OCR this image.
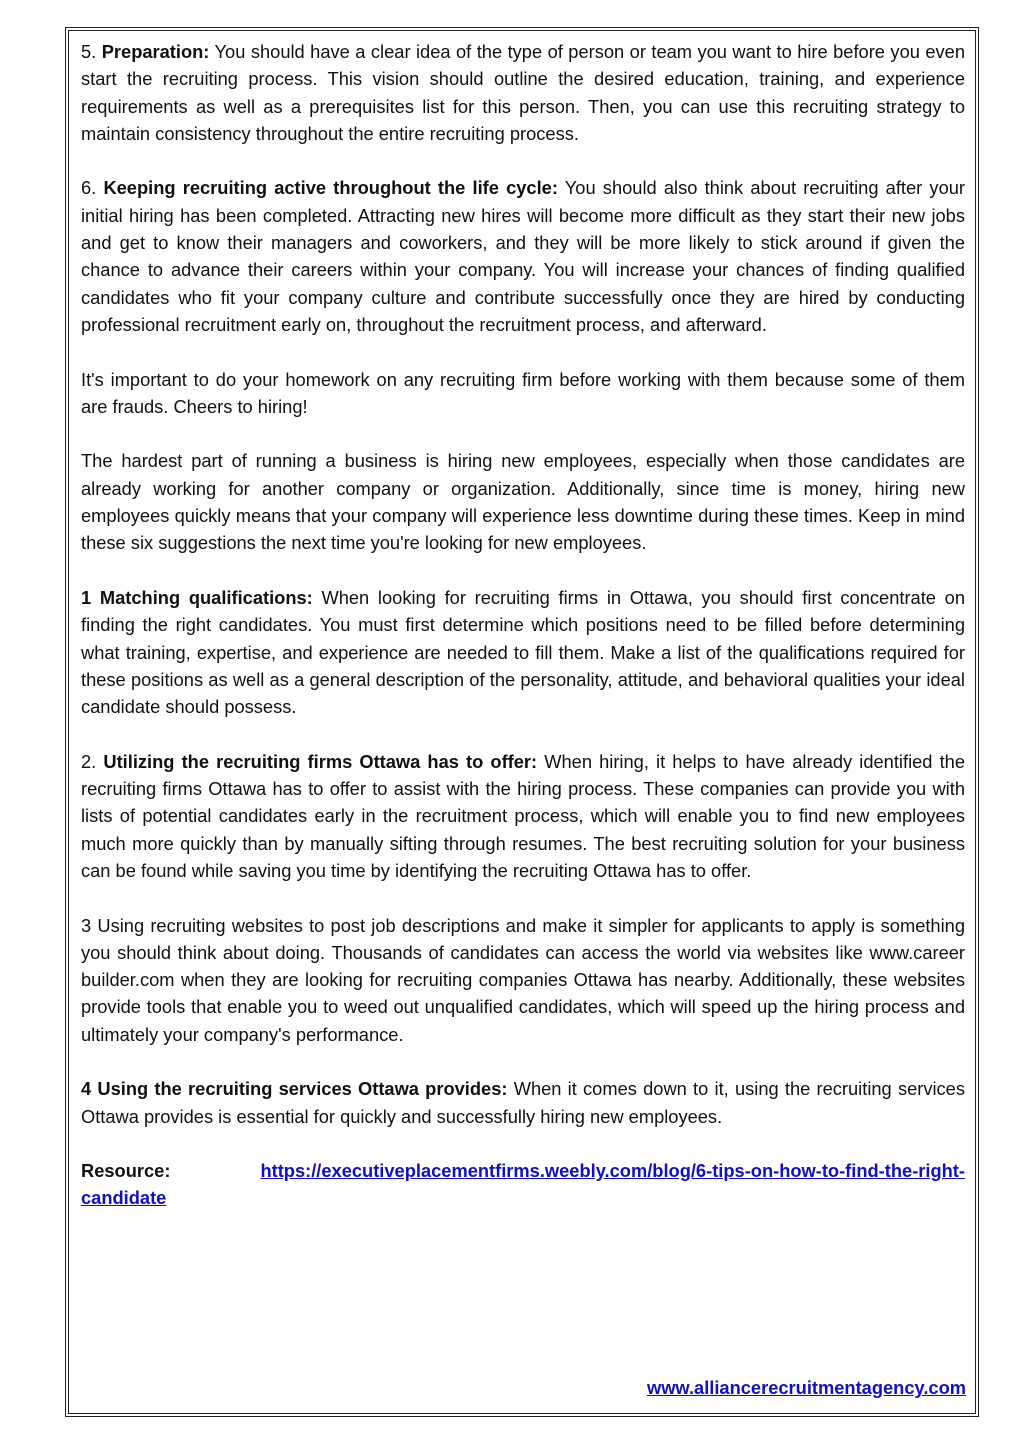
5. Preparation: You should have a clear idea of the type of person or team you want to hire before you even start the recruiting process. This vision should outline the desired education, training, and experience requirements as well as a prerequisites list for this person. Then, you can use this recruiting strategy to maintain consistency throughout the entire recruiting process.

6. Keeping recruiting active throughout the life cycle: You should also think about recruiting after your initial hiring has been completed. Attracting new hires will become more difficult as they start their new jobs and get to know their managers and coworkers, and they will be more likely to stick around if given the chance to advance their careers within your company. You will increase your chances of finding qualified candidates who fit your company culture and contribute successfully once they are hired by conducting professional recruitment early on, throughout the recruitment process, and afterward.

It's important to do your homework on any recruiting firm before working with them because some of them are frauds. Cheers to hiring!

The hardest part of running a business is hiring new employees, especially when those candidates are already working for another company or organization. Additionally, since time is money, hiring new employees quickly means that your company will experience less downtime during these times. Keep in mind these six suggestions the next time you're looking for new employees.

1 Matching qualifications: When looking for recruiting firms in Ottawa, you should first concentrate on finding the right candidates. You must first determine which positions need to be filled before determining what training, expertise, and experience are needed to fill them. Make a list of the qualifications required for these positions as well as a general description of the personality, attitude, and behavioral qualities your ideal candidate should possess.

2. Utilizing the recruiting firms Ottawa has to offer: When hiring, it helps to have already identified the recruiting firms Ottawa has to offer to assist with the hiring process. These companies can provide you with lists of potential candidates early in the recruitment process, which will enable you to find new employees much more quickly than by manually sifting through resumes. The best recruiting solution for your business can be found while saving you time by identifying the recruiting Ottawa has to offer.

3 Using recruiting websites to post job descriptions and make it simpler for applicants to apply is something you should think about doing. Thousands of candidates can access the world via websites like www.career builder.com when they are looking for recruiting companies Ottawa has nearby. Additionally, these websites provide tools that enable you to weed out unqualified candidates, which will speed up the hiring process and ultimately your company's performance.

4 Using the recruiting services Ottawa provides: When it comes down to it, using the recruiting services Ottawa provides is essential for quickly and successfully hiring new employees.

Resource:	https://executiveplacementfirms.weebly.com/blog/6-tips-on-how-to-find-the-right-candidate

www.alliancerecruitmentagency.com
